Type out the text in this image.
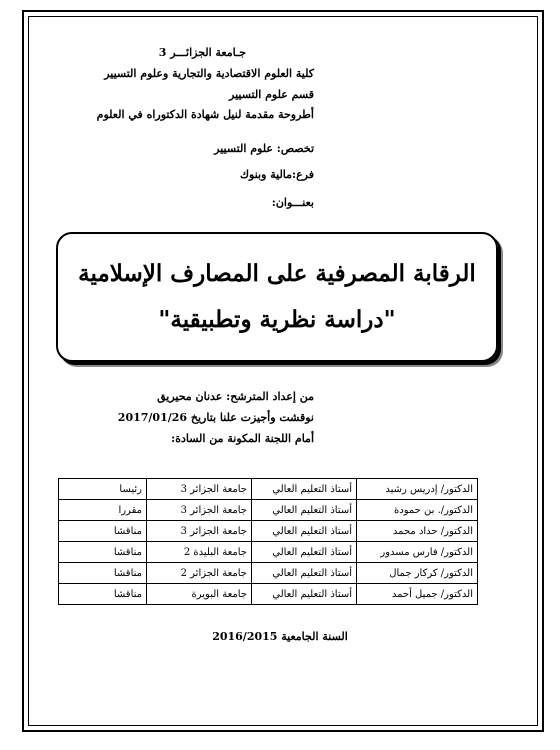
جـامعة الجزائـــر 3
كلية العلوم الاقتصادية والتجارية وعلوم التسيير
قسم علوم التسيير
أطروحة مقدمة لنيل شهادة الدكتوراه في العلوم
تخصص: علوم التسيير
فرع:مالية وبنوك
بعنـــوان:
الرقابة المصرفية على المصارف الإسلامية
"دراسة نظرية وتطبيقية"
من إعداد المترشح: عدنان محيريق
نوقشت وأجيزت علنا بتاريخ 2017/01/26
أمام اللجنة المكونة من السادة:
الدكتور/ إدريس رشيد	أستاذ التعليم العالي	جامعة الجزائر 3	رئيسا
الدكتور/. بن حمودة	أستاذ التعليم العالي	جامعة الجزائر 3	مقررا
الدكتور/ حداد محمد	أستاذ التعليم العالي	جامعة الجزائر 3	مناقشا
الدكتور/ فارس مسدور	أستاذ التعليم العالي	جامعة البليدة 2	مناقشا
الدكتور/ كركار جمال	أستاذ التعليم العالي	جامعة الجزائر 2	مناقشا
الدكتور/ جميل أحمد	أستاذ التعليم العالي	جامعة البويرة	مناقشا
السنة الجامعية 2016/2015
